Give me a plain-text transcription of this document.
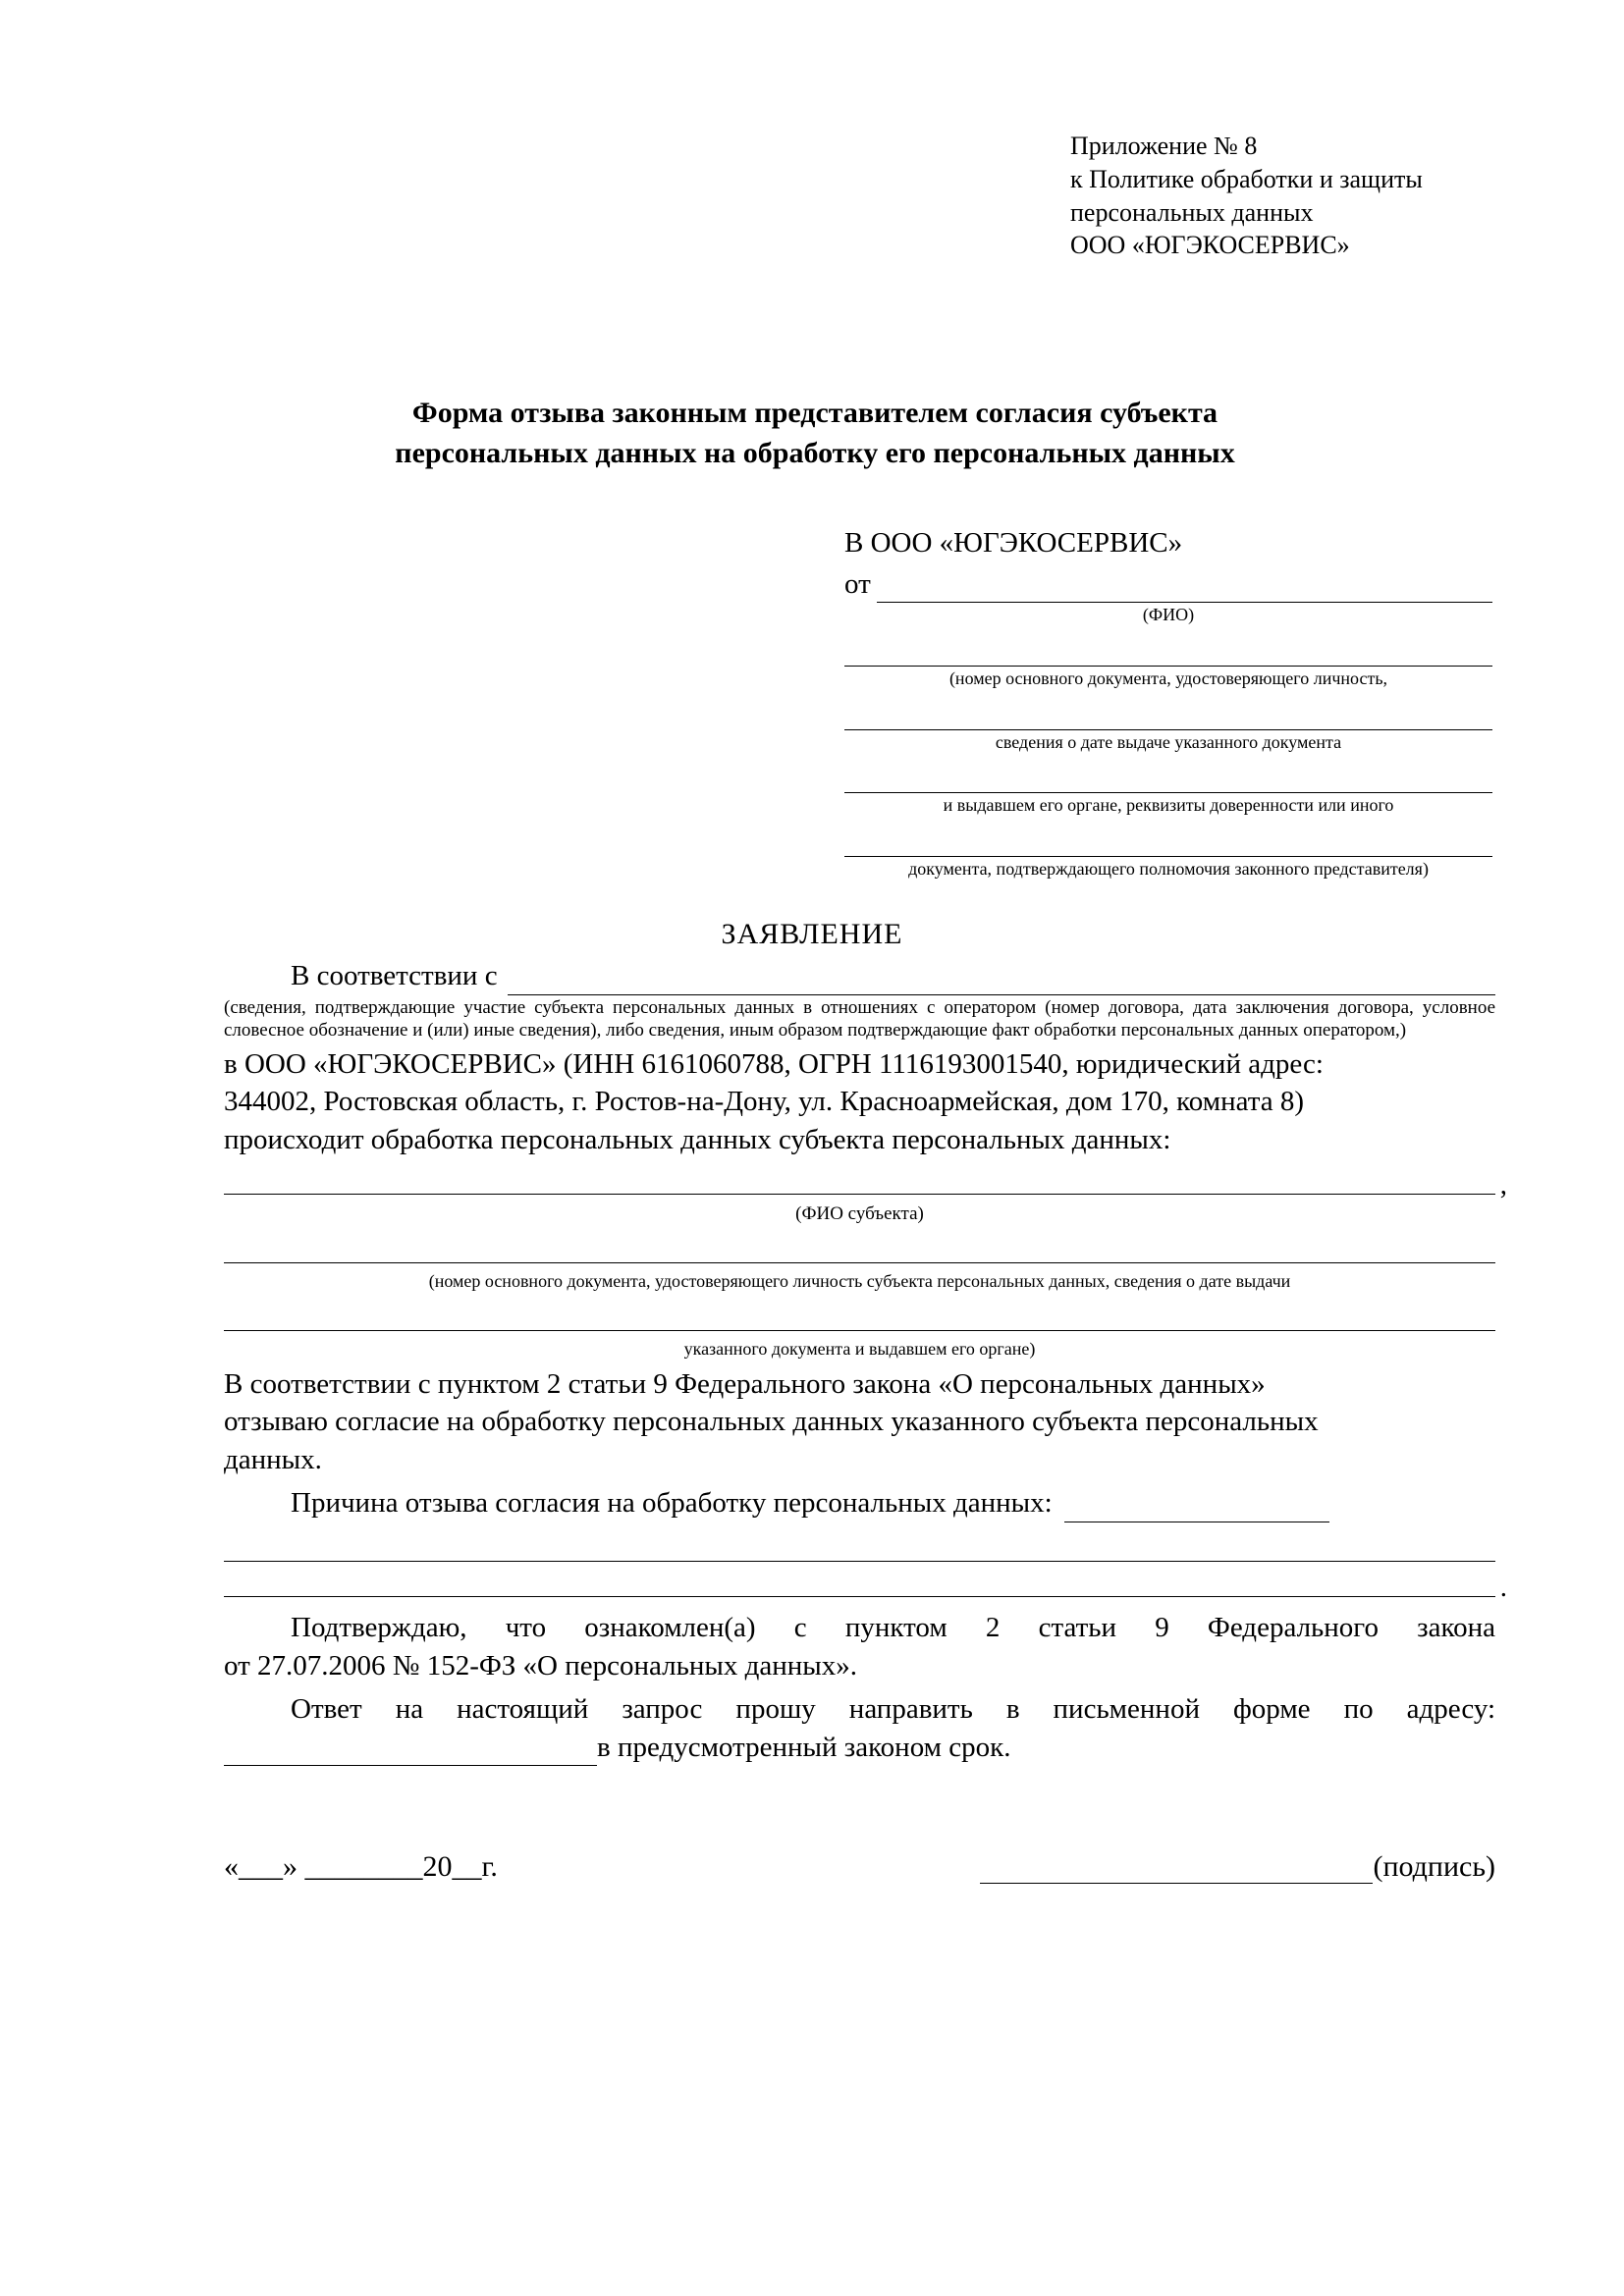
Приложение № 8
к Политике обработки и защиты
персональных данных
ООО «ЮГЭКОСЕРВИС»
Форма отзыва законным представителем согласия субъекта
персональных данных на обработку его персональных данных
В ООО «ЮГЭКОСЕРВИС»
от
(ФИО)
(номер основного документа, удостоверяющего личность,
сведения о дате выдаче указанного документа
и выдавшем его органе, реквизиты доверенности или иного
документа, подтверждающего полномочия законного представителя)
ЗАЯВЛЕНИЕ
В соответствии с
(сведения, подтверждающие участие субъекта персональных данных в отношениях с оператором (номер договора, дата заключения договора, условное словесное обозначение и (или) иные сведения), либо сведения, иным образом подтверждающие факт обработки персональных данных оператором,)
в ООО «ЮГЭКОСЕРВИС» (ИНН 6161060788, ОГРН 1116193001540, юридический адрес:
344002, Ростовская область, г. Ростов-на-Дону, ул. Красноармейская, дом 170, комната 8)
происходит обработка персональных данных субъекта персональных данных:
,
(ФИО субъекта)
(номер основного документа, удостоверяющего личность субъекта персональных данных, сведения о дате выдачи
указанного документа и выдавшем его органе)
В соответствии с пунктом 2 статьи 9 Федерального закона «О персональных данных»
отзываю согласие на обработку персональных данных указанного субъекта персональных
данных.
Причина отзыва согласия на обработку персональных данных:
.
Подтверждаю, что ознакомлен(а) с пунктом 2 статьи 9 Федерального закона
от 27.07.2006 № 152-ФЗ «О персональных данных».
Ответ на настоящий запрос прошу направить в письменной форме по адресу:
в предусмотренный законом срок.
«___» ________20__г.	(подпись)
